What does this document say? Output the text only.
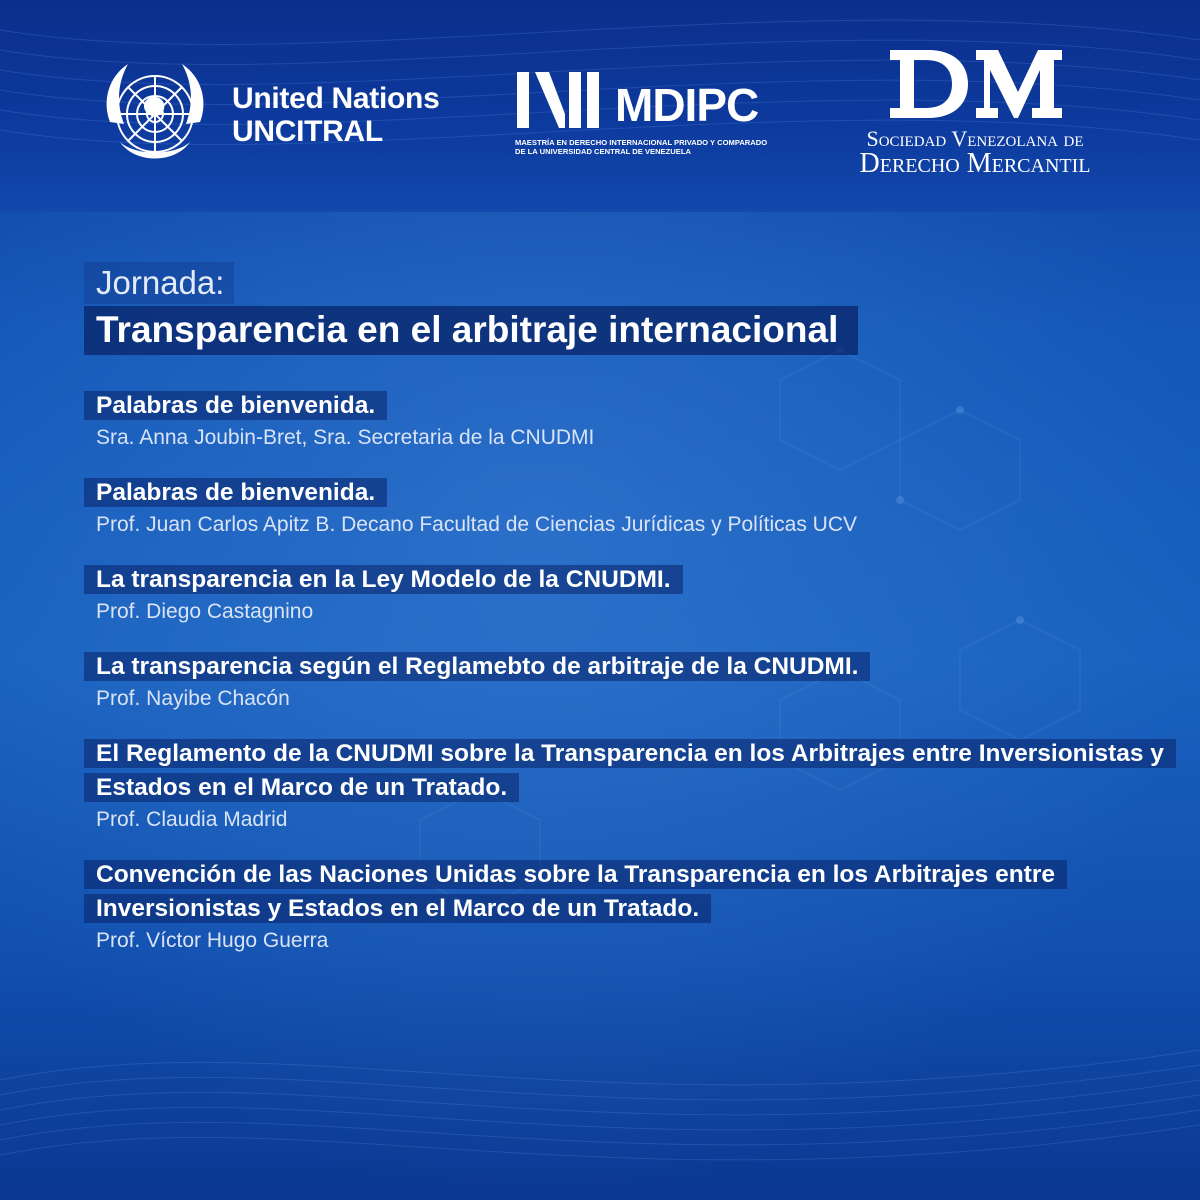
United Nations
UNCITRAL
MDIPC
MAESTRÍA EN DERECHO INTERNACIONAL PRIVADO Y COMPARADO
DE LA UNIVERSIDAD CENTRAL DE VENEZUELA
Sociedad Venezolana de
Derecho Mercantil
Jornada:
Transparencia en el arbitraje internacional
Palabras de bienvenida.
Sra. Anna Joubin-Bret, Sra. Secretaria de la CNUDMI
Palabras de bienvenida.
Prof. Juan Carlos Apitz B. Decano Facultad de Ciencias Jurídicas y Políticas UCV
La transparencia en la Ley Modelo de la CNUDMI.
Prof. Diego Castagnino
La transparencia según el Reglamebto de arbitraje de la CNUDMI.
Prof. Nayibe Chacón
El Reglamento de la CNUDMI sobre la Transparencia en los Arbitrajes entre Inversionistas y Estados en el Marco de un Tratado.
Prof. Claudia Madrid
Convención de las Naciones Unidas sobre la Transparencia en los Arbitrajes entre Inversionistas y Estados en el Marco de un Tratado.
Prof. Víctor Hugo Guerra
